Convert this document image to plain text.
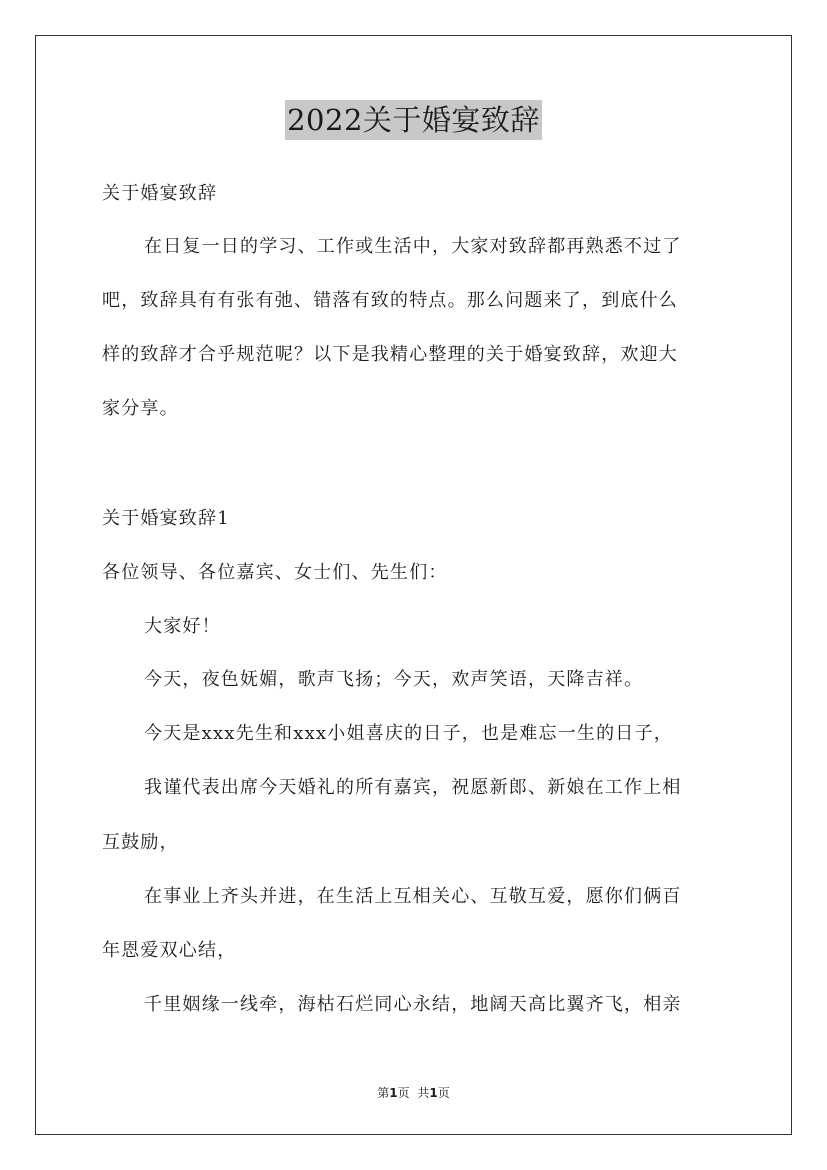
2022关于婚宴致辞
关于婚宴致辞
在日复一日的学习、工作或生活中，大家对致辞都再熟悉不过了
吧，致辞具有有张有弛、错落有致的特点。那么问题来了，到底什么
样的致辞才合乎规范呢？以下是我精心整理的关于婚宴致辞，欢迎大
家分享。
关于婚宴致辞1
各位领导、各位嘉宾、女士们、先生们：
大家好！
今天，夜色妩媚，歌声飞扬；今天，欢声笑语，天降吉祥。
今天是xxx先生和xxx小姐喜庆的日子，也是难忘一生的日子，
我谨代表出席今天婚礼的所有嘉宾，祝愿新郎、新娘在工作上相
互鼓励，
在事业上齐头并进，在生活上互相关心、互敬互爱，愿你们俩百
年恩爱双心结，
千里姻缘一线牵，海枯石烂同心永结，地阔天高比翼齐飞，相亲
第1页 共1页
